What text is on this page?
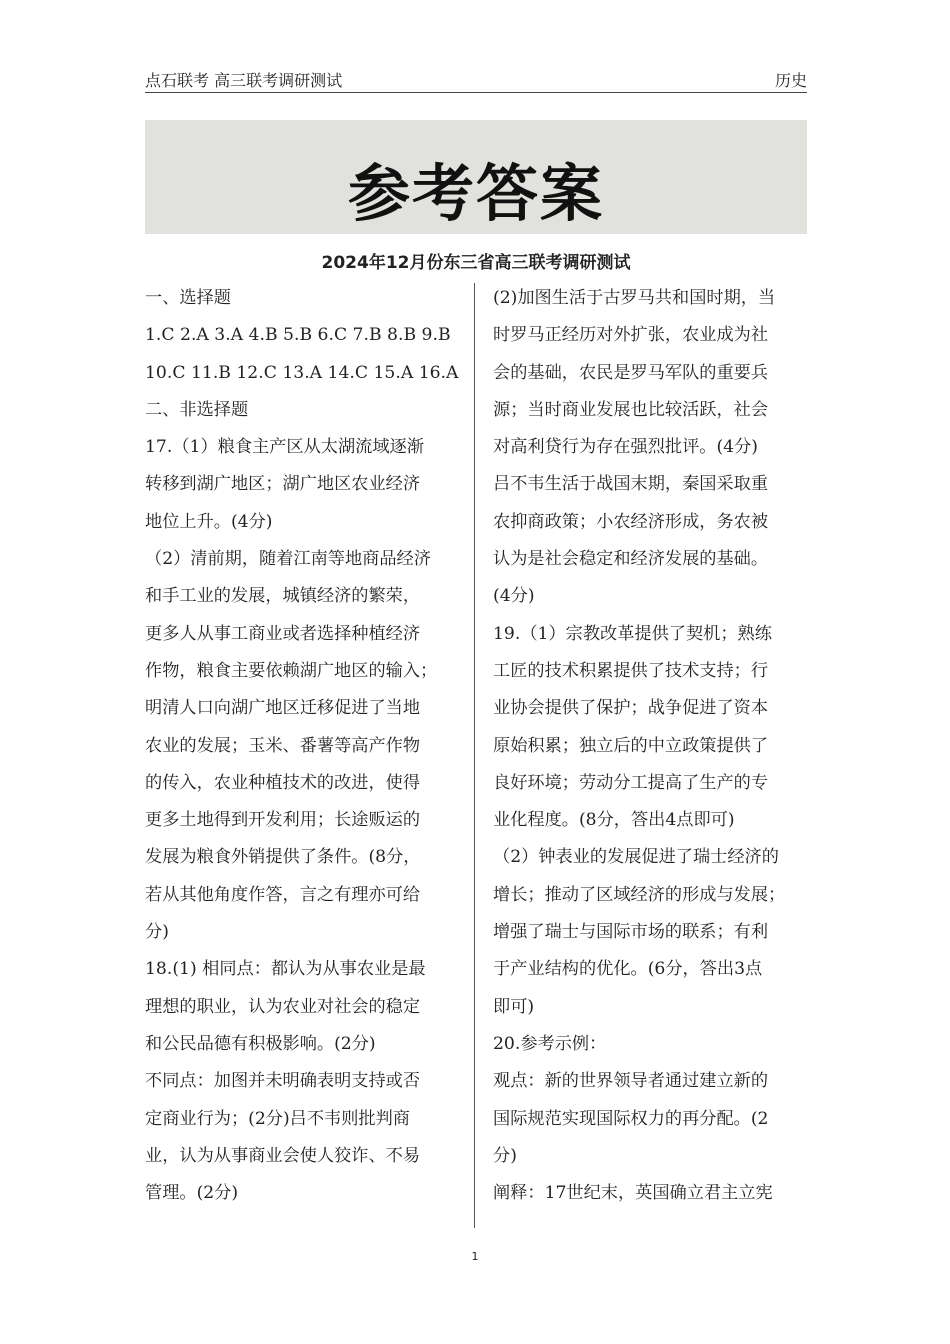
点石联考 高三联考调研测试	历史
参考答案
2024年12月份东三省高三联考调研测试

一、选择题

1.C 2.A 3.A 4.B 5.B 6.C 7.B 8.B 9.B

10.C 11.B 12.C 13.A 14.C 15.A 16.A

二、非选择题

17.（1）粮食主产区从太湖流域逐渐

转移到湖广地区；湖广地区农业经济

地位上升。(4分)

（2）清前期，随着江南等地商品经济

和手工业的发展，城镇经济的繁荣，

更多人从事工商业或者选择种植经济

作物，粮食主要依赖湖广地区的输入；

明清人口向湖广地区迁移促进了当地

农业的发展；玉米、番薯等高产作物

的传入，农业种植技术的改进，使得

更多土地得到开发利用；长途贩运的

发展为粮食外销提供了条件。(8分，

若从其他角度作答，言之有理亦可给

分)

18.(1) 相同点：都认为从事农业是最

理想的职业，认为农业对社会的稳定

和公民品德有积极影响。(2分)

不同点：加图并未明确表明支持或否

定商业行为；(2分)吕不韦则批判商

业，认为从事商业会使人狡诈、不易

管理。(2分)

(2)加图生活于古罗马共和国时期，当

时罗马正经历对外扩张，农业成为社

会的基础，农民是罗马军队的重要兵

源；当时商业发展也比较活跃，社会

对高利贷行为存在强烈批评。(4分)

吕不韦生活于战国末期，秦国采取重

农抑商政策；小农经济形成，务农被

认为是社会稳定和经济发展的基础。

(4分)

19.（1）宗教改革提供了契机；熟练

工匠的技术积累提供了技术支持；行

业协会提供了保护；战争促进了资本

原始积累；独立后的中立政策提供了

良好环境；劳动分工提高了生产的专

业化程度。(8分，答出4点即可)

（2）钟表业的发展促进了瑞士经济的

增长；推动了区域经济的形成与发展；

增强了瑞士与国际市场的联系；有利

于产业结构的优化。(6分，答出3点

即可)

20.参考示例：

观点：新的世界领导者通过建立新的

国际规范实现国际权力的再分配。(2

分)

阐释：17世纪末，英国确立君主立宪

1
